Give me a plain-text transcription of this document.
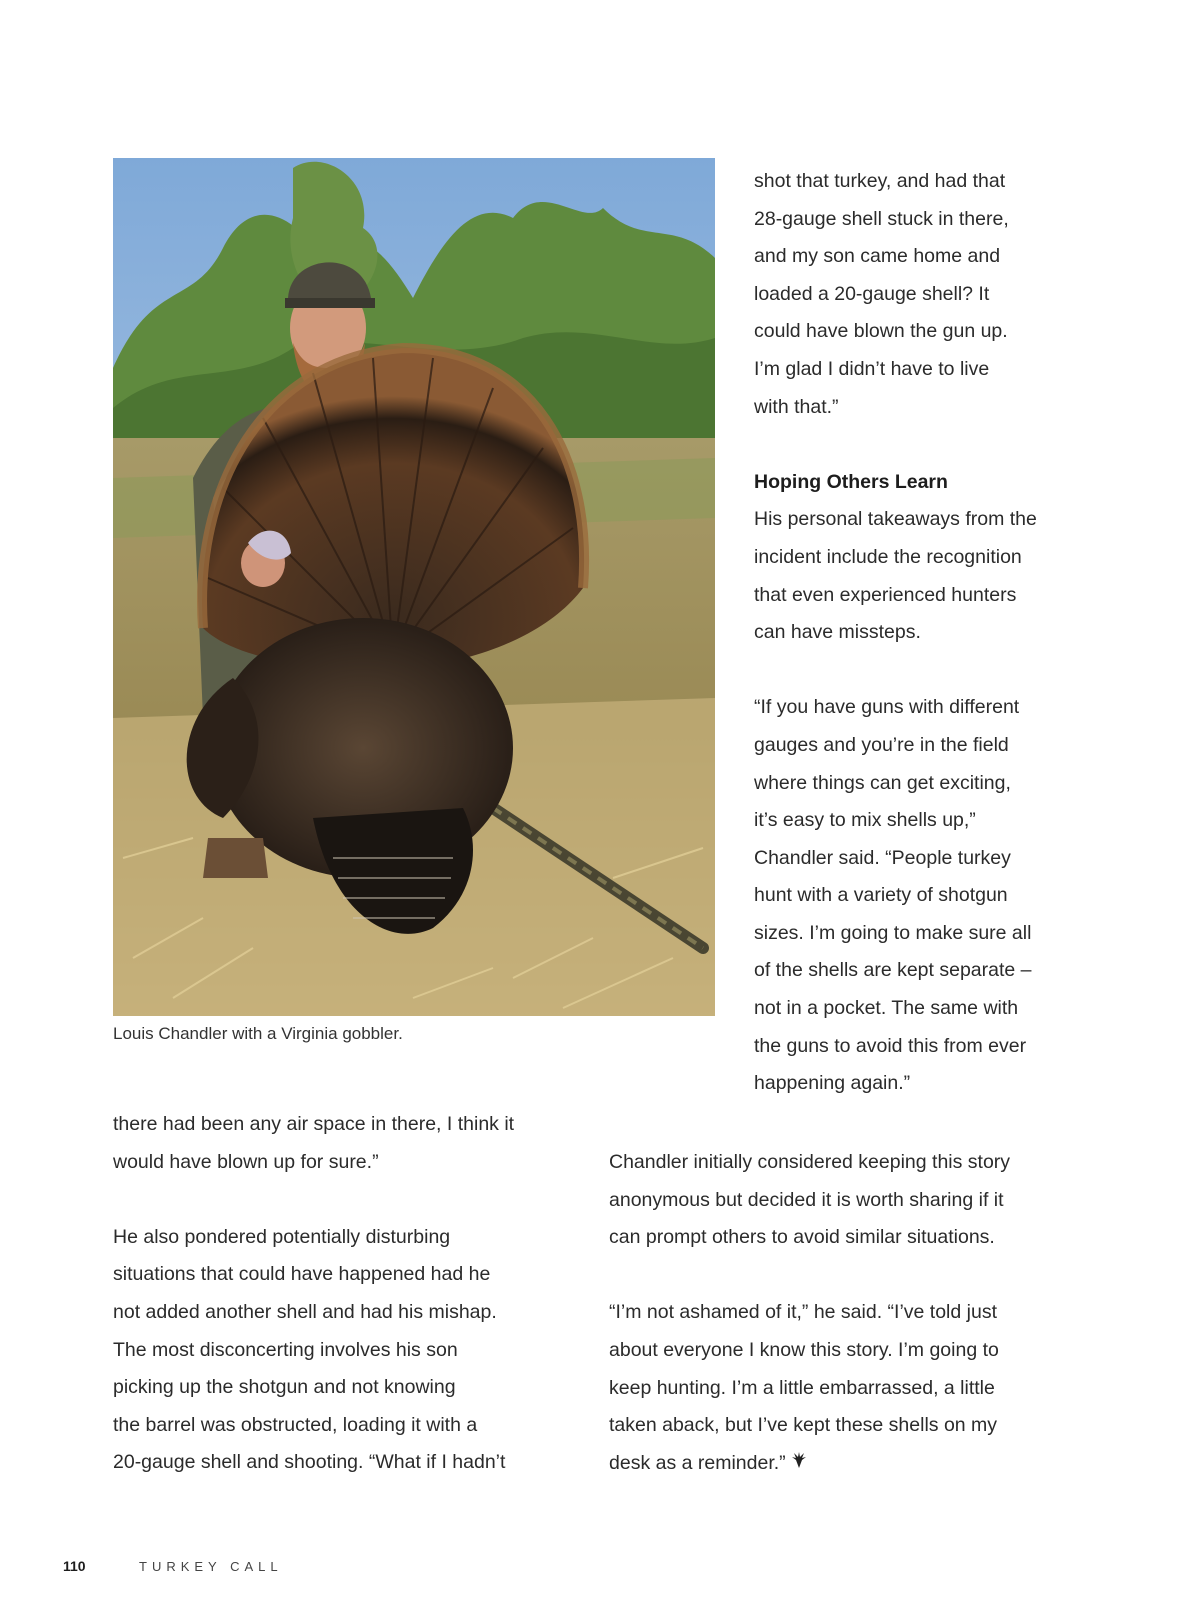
Louis Chandler with a Virginia gobbler.

shot that turkey, and had that
28-gauge shell stuck in there,
and my son came home and
loaded a 20-gauge shell? It
could have blown the gun up.
I’m glad I didn’t have to live
with that.”

Hoping Others Learn

His personal takeaways from the
incident include the recognition
that even experienced hunters
can have missteps.

“If you have guns with different
gauges and you’re in the field
where things can get exciting,
it’s easy to mix shells up,”
Chandler said. “People turkey
hunt with a variety of shotgun
sizes. I’m going to make sure all
of the shells are kept separate –
not in a pocket. The same with
the guns to avoid this from ever
happening again.”

there had been any air space in there, I think it
would have blown up for sure.”

He also pondered potentially disturbing
situations that could have happened had he
not added another shell and had his mishap.
The most disconcerting involves his son
picking up the shotgun and not knowing
the barrel was obstructed, loading it with a
20-gauge shell and shooting. “What if I hadn’t

Chandler initially considered keeping this story
anonymous but decided it is worth sharing if it
can prompt others to avoid similar situations.

“I’m not ashamed of it,” he said. “I’ve told just
about everyone I know this story. I’m going to
keep hunting. I’m a little embarrassed, a little
taken aback, but I’ve kept these shells on my
desk as a reminder.”

110	TURKEY CALL
